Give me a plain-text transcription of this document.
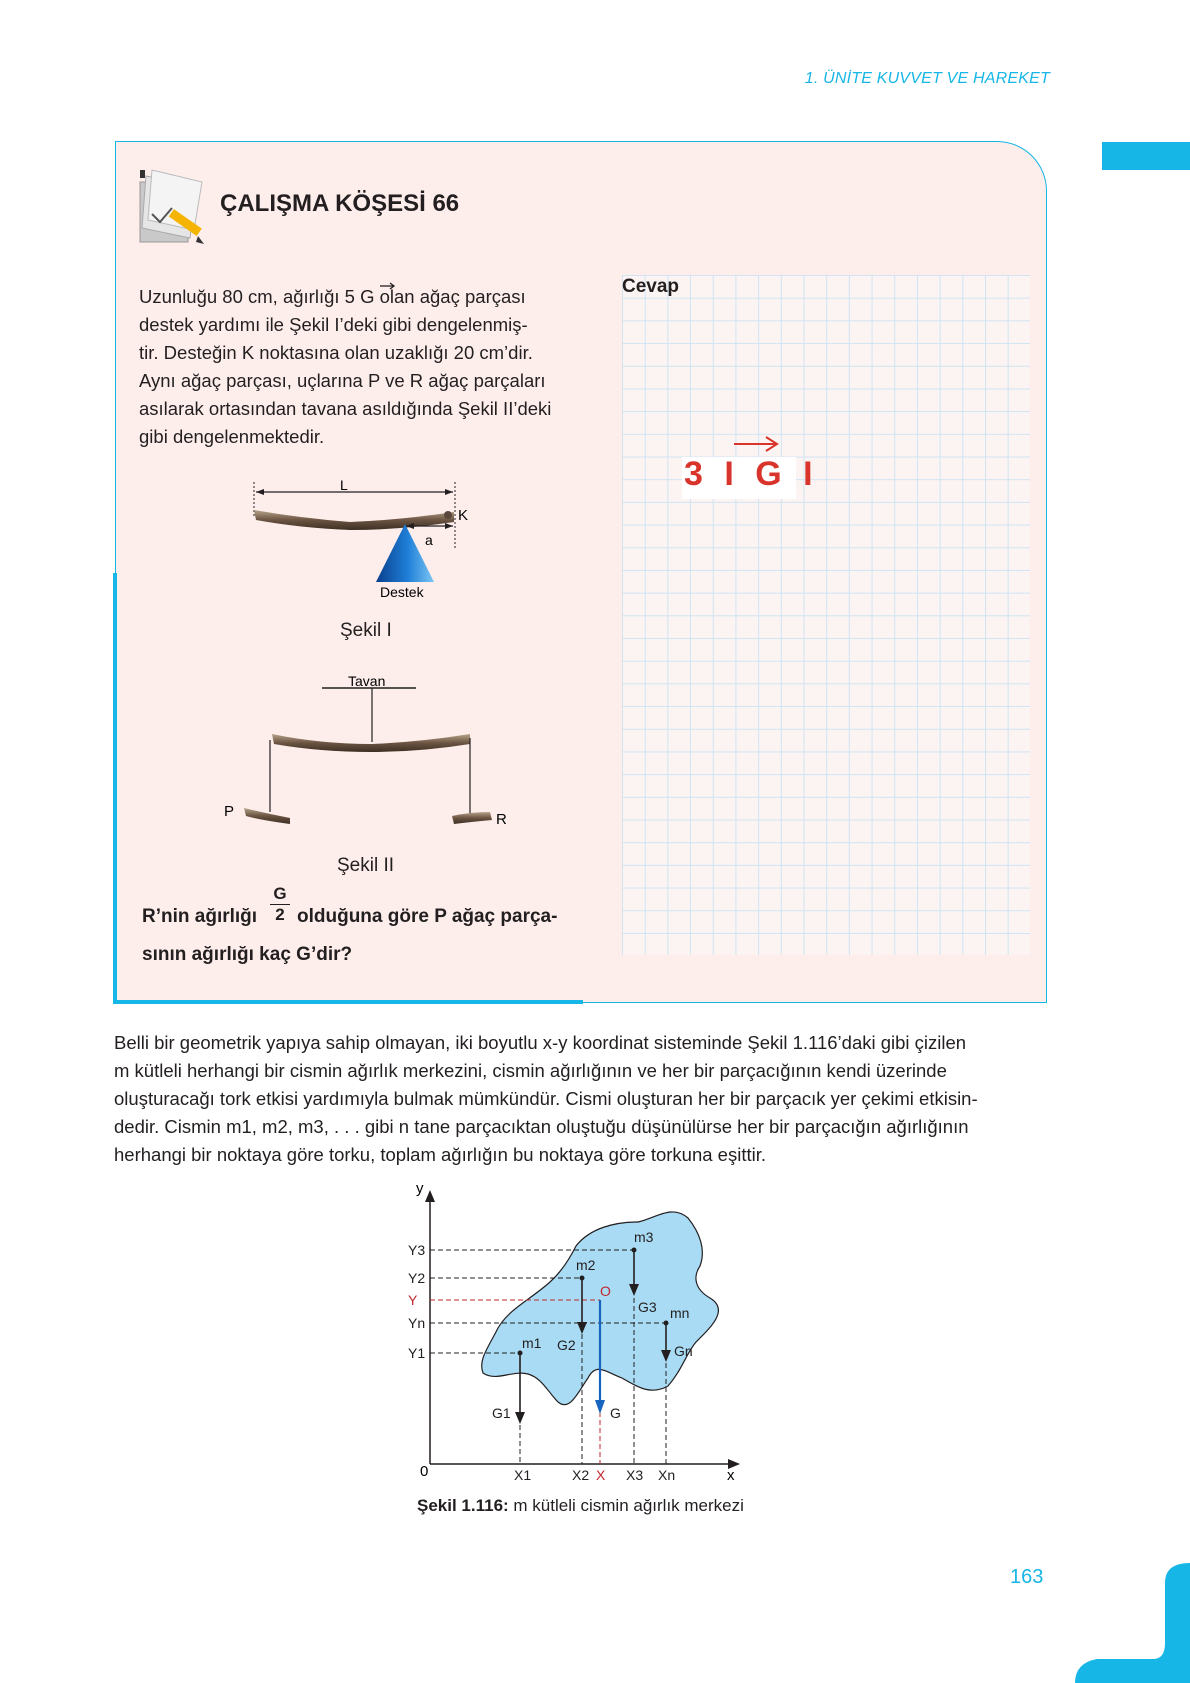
1. ÜNİTE KUVVET VE HAREKET
ÇALIŞMA KÖŞESİ 66
Uzunluğu 80 cm, ağırlığı 5 G olan ağaç parçası
destek yardımı ile Şekil I’deki gibi dengelenmiş-
tir. Desteğin K noktasına olan uzaklığı 20 cm’dir.
Aynı ağaç parçası, uçlarına P ve R ağaç parçaları
asılarak ortasından tavana asıldığında Şekil II’deki
gibi dengelenmektedir.
L
K
a
Destek
Şekil I
Tavan
P	R
Şekil II
R’nin ağırlığı $\frac{G}{2}$ olduğuna göre P ağaç parça-
sının ağırlığı kaç G’dir?
Cevap
3 I G I
Belli bir geometrik yapıya sahip olmayan, iki boyutlu x-y koordinat sisteminde Şekil 1.116’daki gibi çizilen
m kütleli herhangi bir cismin ağırlık merkezini, cismin ağırlığının ve her bir parçacığının kendi üzerinde
oluşturacağı tork etkisi yardımıyla bulmak mümkündür. Cismi oluşturan her bir parçacık yer çekimi etkisin-
dedir. Cismin m1, m2, m3, . . . gibi n tane parçacıktan oluştuğu düşünülürse her bir parçacığın ağırlığının
herhangi bir noktaya göre torku, toplam ağırlığın bu noktaya göre torkuna eşittir.
y
x
0
Y3
Y2
Y
Yn
Y1
X1	X2 X X3 Xn
m1
m2
m3
mn
G1
G2
G3
Gn
G
O
Şekil 1.116: m kütleli cismin ağırlık merkezi
163
